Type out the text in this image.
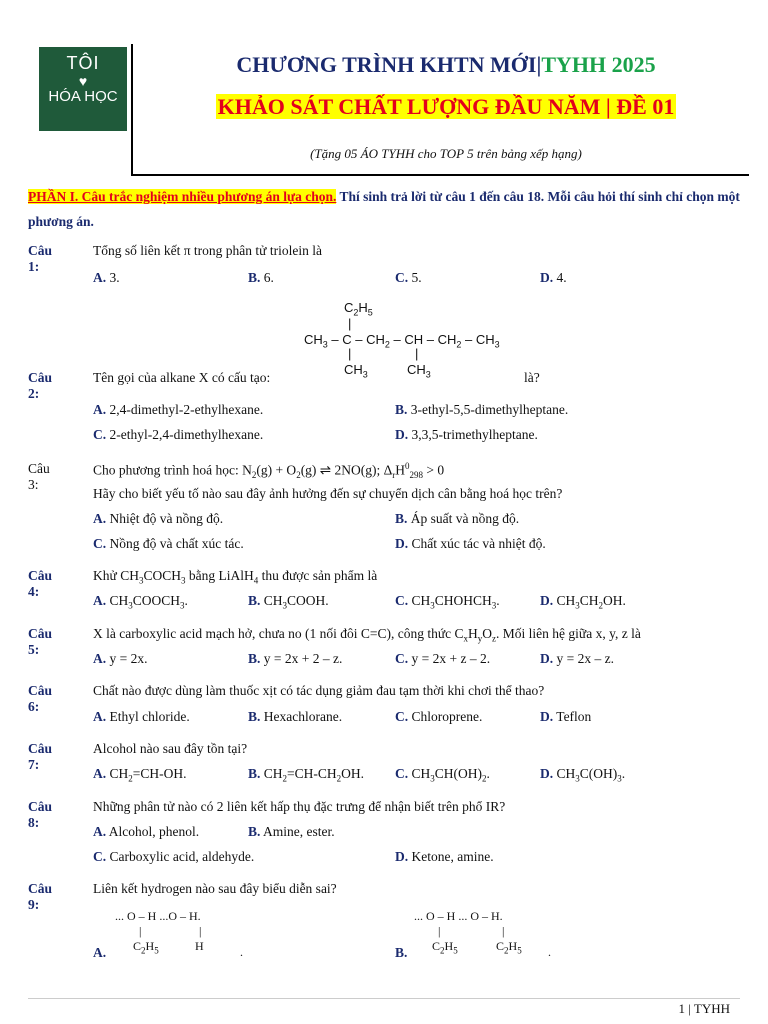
TÔI
♥
HÓA HỌC
CHƯƠNG TRÌNH KHTN MỚI|TYHH 2025
KHẢO SÁT CHẤT LƯỢNG ĐẦU NĂM | ĐỀ 01
(Tặng 05 ÁO TYHH cho TOP 5 trên bảng xếp hạng)
PHẦN I. Câu trắc nghiệm nhiều phương án lựa chọn. Thí sinh trả lời từ câu 1 đến câu 18. Mỗi câu hỏi thí sinh chỉ chọn một phương án.
Câu 1:
Tổng số liên kết π trong phân tử triolein là
A. 3.	B. 6.	C. 5.	D. 4.
$C_2H_5$
|
$CH_3$ – C – $CH_2$ – CH – $CH_2 - CH_3$
|	|
$CH_3$	$CH_3$
Câu 2:
Tên gọi của alkane X có cấu tạo:	là?
A. 2,4-dimethyl-2-ethylhexane.	B. 3-ethyl-5,5-dimethylheptane.
C. 2-ethyl-2,4-dimethylhexane.	D. 3,3,5-trimethylheptane.
Câu 3:
Cho phương trình hoá học: $N_2(g) + O_2(g)$ ⇌ 2NO(g); $\Delta_rH^0_{298} > 0$
Hãy cho biết yếu tố nào sau đây ảnh hưởng đến sự chuyển dịch cân bằng hoá học trên?
A. Nhiệt độ và nồng độ.	B. Áp suất và nồng độ.
C. Nồng độ và chất xúc tác.	D. Chất xúc tác và nhiệt độ.
Câu 4:
Khử $CH_3COCH_3$ bằng LiAlH$_4$ thu được sản phẩm là
A. $CH_3COOCH_3$.	B. $CH_3COOH$.	C. $CH_3CHOHCH_3$.	D. $CH_3CH_2OH$.
Câu 5:
X là carboxylic acid mạch hở, chưa no (1 nối đôi C=C), công thức $C_xH_yO_z$. Mối liên hệ giữa x, y, z là
A. y = 2x.	B. y = 2x + 2 – z.	C. y = 2x + z – 2.	D. y = 2x – z.
Câu 6:
Chất nào được dùng làm thuốc xịt có tác dụng giảm đau tạm thời khi chơi thể thao?
A. Ethyl chloride.	B. Hexachlorane.	C. Chloroprene.	D. Teflon
Câu 7:
Alcohol nào sau đây tồn tại?
A. $CH_2=CH-OH$.	B. $CH_2=CH-CH_2OH$. C. $CH_3CH(OH)_2$.	D. $CH_3C(OH)_3$.
Câu 8:
Những phân tử nào có 2 liên kết hấp thụ đặc trưng để nhận biết trên phổ IR?
A. Alcohol, phenol.	B. Amine, ester.
C. Carboxylic acid, aldehyde.	D. Ketone, amine.
Câu 9:
Liên kết hydrogen nào sau đây biểu diễn sai?
... O – H ...O – H.
|	|
$C_2H_5$	H
A.	.
... O – H ... O – H.
|	|
$C_2H_5$	$C_2H_5$
B.	.
1 | TYHH
